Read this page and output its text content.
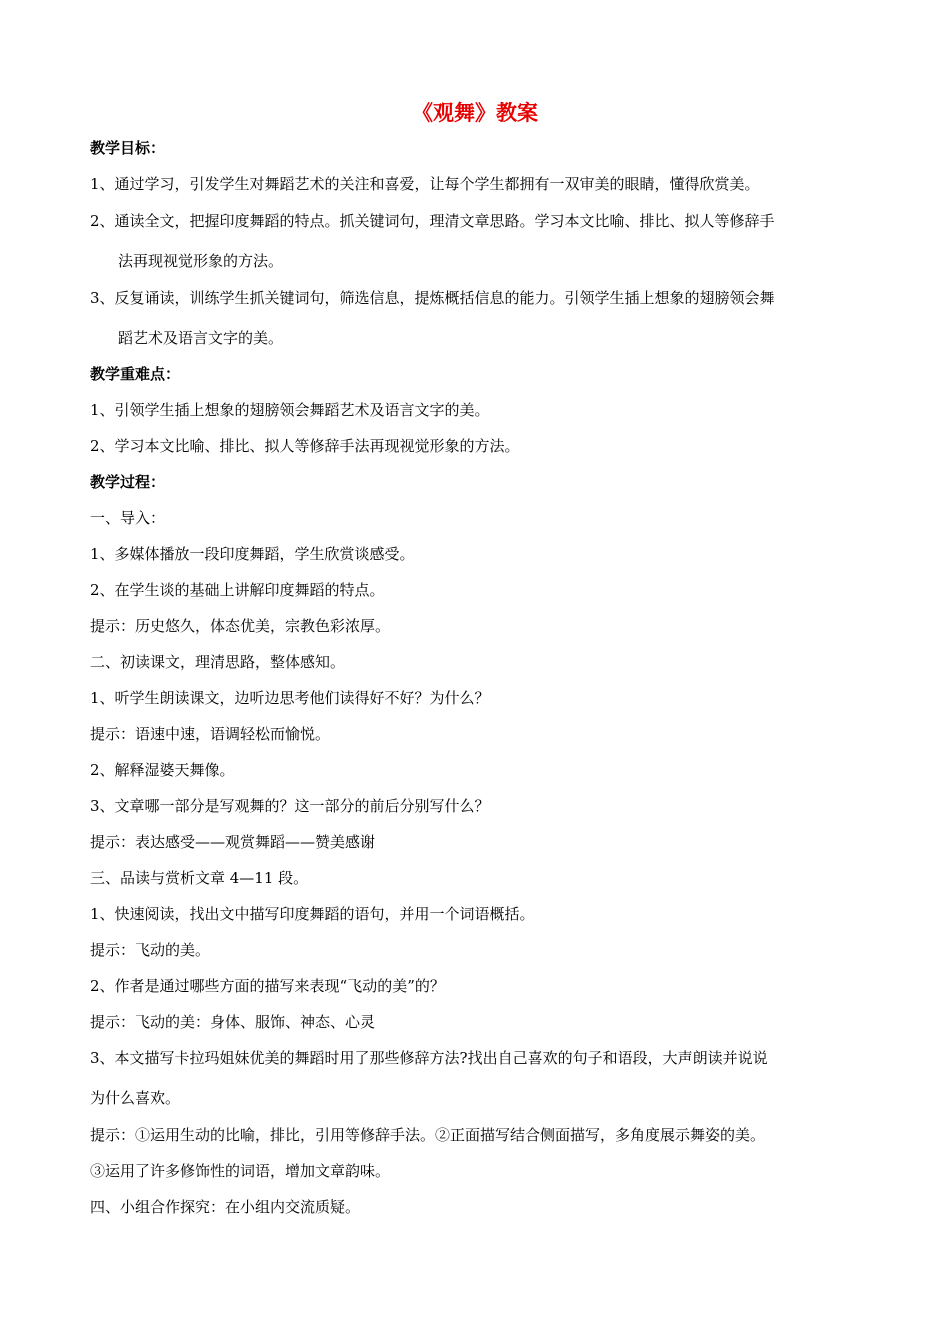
《观舞》教案
教学目标：
1、通过学习，引发学生对舞蹈艺术的关注和喜爱，让每个学生都拥有一双审美的眼睛，懂得欣赏美。
2、通读全文，把握印度舞蹈的特点。抓关键词句，理清文章思路。学习本文比喻、排比、拟人等修辞手
法再现视觉形象的方法。
3、反复诵读，训练学生抓关键词句，筛选信息，提炼概括信息的能力。引领学生插上想象的翅膀领会舞
蹈艺术及语言文字的美。
教学重难点：
1、引领学生插上想象的翅膀领会舞蹈艺术及语言文字的美。
2、学习本文比喻、排比、拟人等修辞手法再现视觉形象的方法。
教学过程：
一、导入：
1、多媒体播放一段印度舞蹈，学生欣赏谈感受。
2、在学生谈的基础上讲解印度舞蹈的特点。
提示：历史悠久，体态优美，宗教色彩浓厚。
二、初读课文，理清思路，整体感知。
1、听学生朗读课文，边听边思考他们读得好不好？为什么？
提示：语速中速，语调轻松而愉悦。
2、解释湿婆天舞像。
3、文章哪一部分是写观舞的？这一部分的前后分别写什么？
提示：表达感受——观赏舞蹈——赞美感谢
三、品读与赏析文章 4—11 段。
1、快速阅读，找出文中描写印度舞蹈的语句，并用一个词语概括。
提示：飞动的美。
2、作者是通过哪些方面的描写来表现“飞动的美”的？
提示：飞动的美：身体、服饰、神态、心灵
3、本文描写卡拉玛姐妹优美的舞蹈时用了那些修辞方法?找出自己喜欢的句子和语段，大声朗读并说说
为什么喜欢。
提示：①运用生动的比喻，排比，引用等修辞手法。②正面描写结合侧面描写，多角度展示舞姿的美。
③运用了许多修饰性的词语，增加文章韵味。
四、小组合作探究：在小组内交流质疑。
